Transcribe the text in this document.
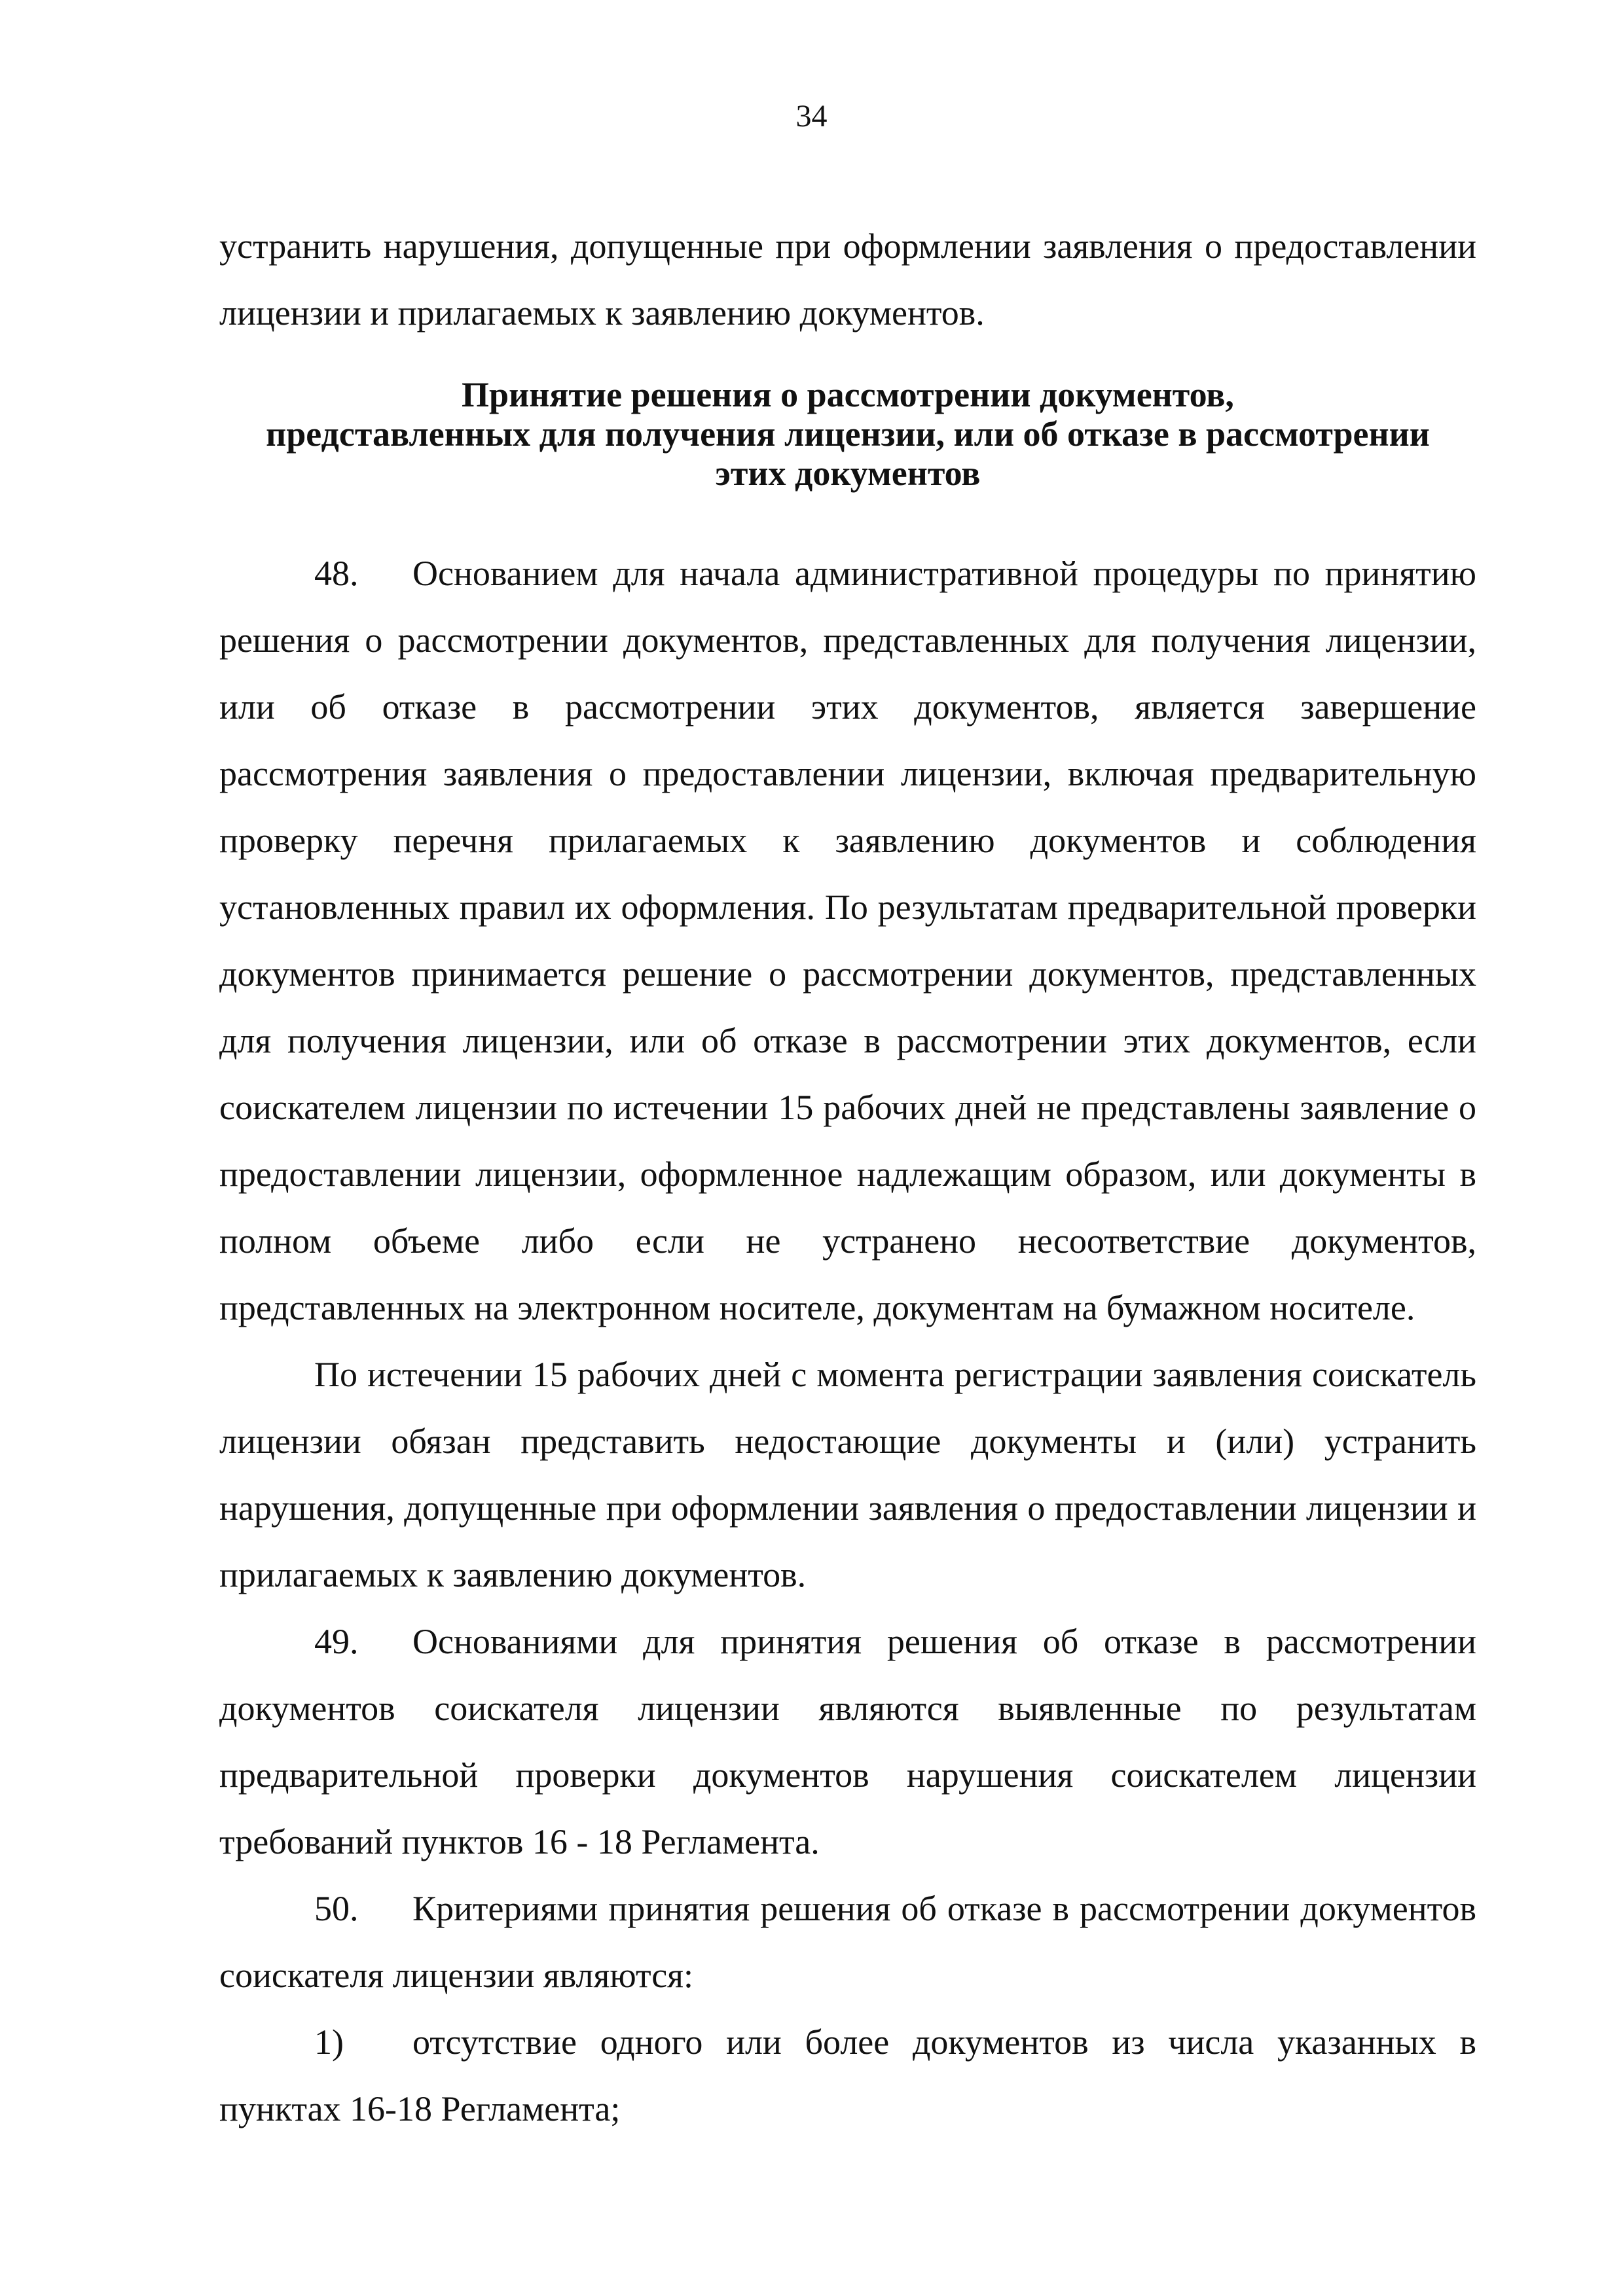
34

устранить нарушения, допущенные при оформлении заявления о предоставлении лицензии и прилагаемых к заявлению документов.

Принятие решения о рассмотрении документов,
представленных для получения лицензии, или об отказе в рассмотрении
этих документов

48. Основанием для начала административной процедуры по принятию решения о рассмотрении документов, представленных для получения лицензии, или об отказе в рассмотрении этих документов, является завершение рассмотрения заявления о предоставлении лицензии, включая предварительную проверку перечня прилагаемых к заявлению документов и соблюдения установленных правил их оформления. По результатам предварительной проверки документов принимается решение о рассмотрении документов, представленных для получения лицензии, или об отказе в рассмотрении этих документов, если соискателем лицензии по истечении 15 рабочих дней не представлены заявление о предоставлении лицензии, оформленное надлежащим образом, или документы в полном объеме либо если не устранено несоответствие документов, представленных на электронном носителе, документам на бумажном носителе.

По истечении 15 рабочих дней с момента регистрации заявления соискатель лицензии обязан представить недостающие документы и (или) устранить нарушения, допущенные при оформлении заявления о предоставлении лицензии и прилагаемых к заявлению документов.

49. Основаниями для принятия решения об отказе в рассмотрении документов соискателя лицензии являются выявленные по результатам предварительной проверки документов нарушения соискателем лицензии требований пунктов 16 - 18 Регламента.

50. Критериями принятия решения об отказе в рассмотрении документов соискателя лицензии являются:

1) отсутствие одного или более документов из числа указанных в пунктах 16-18 Регламента;
